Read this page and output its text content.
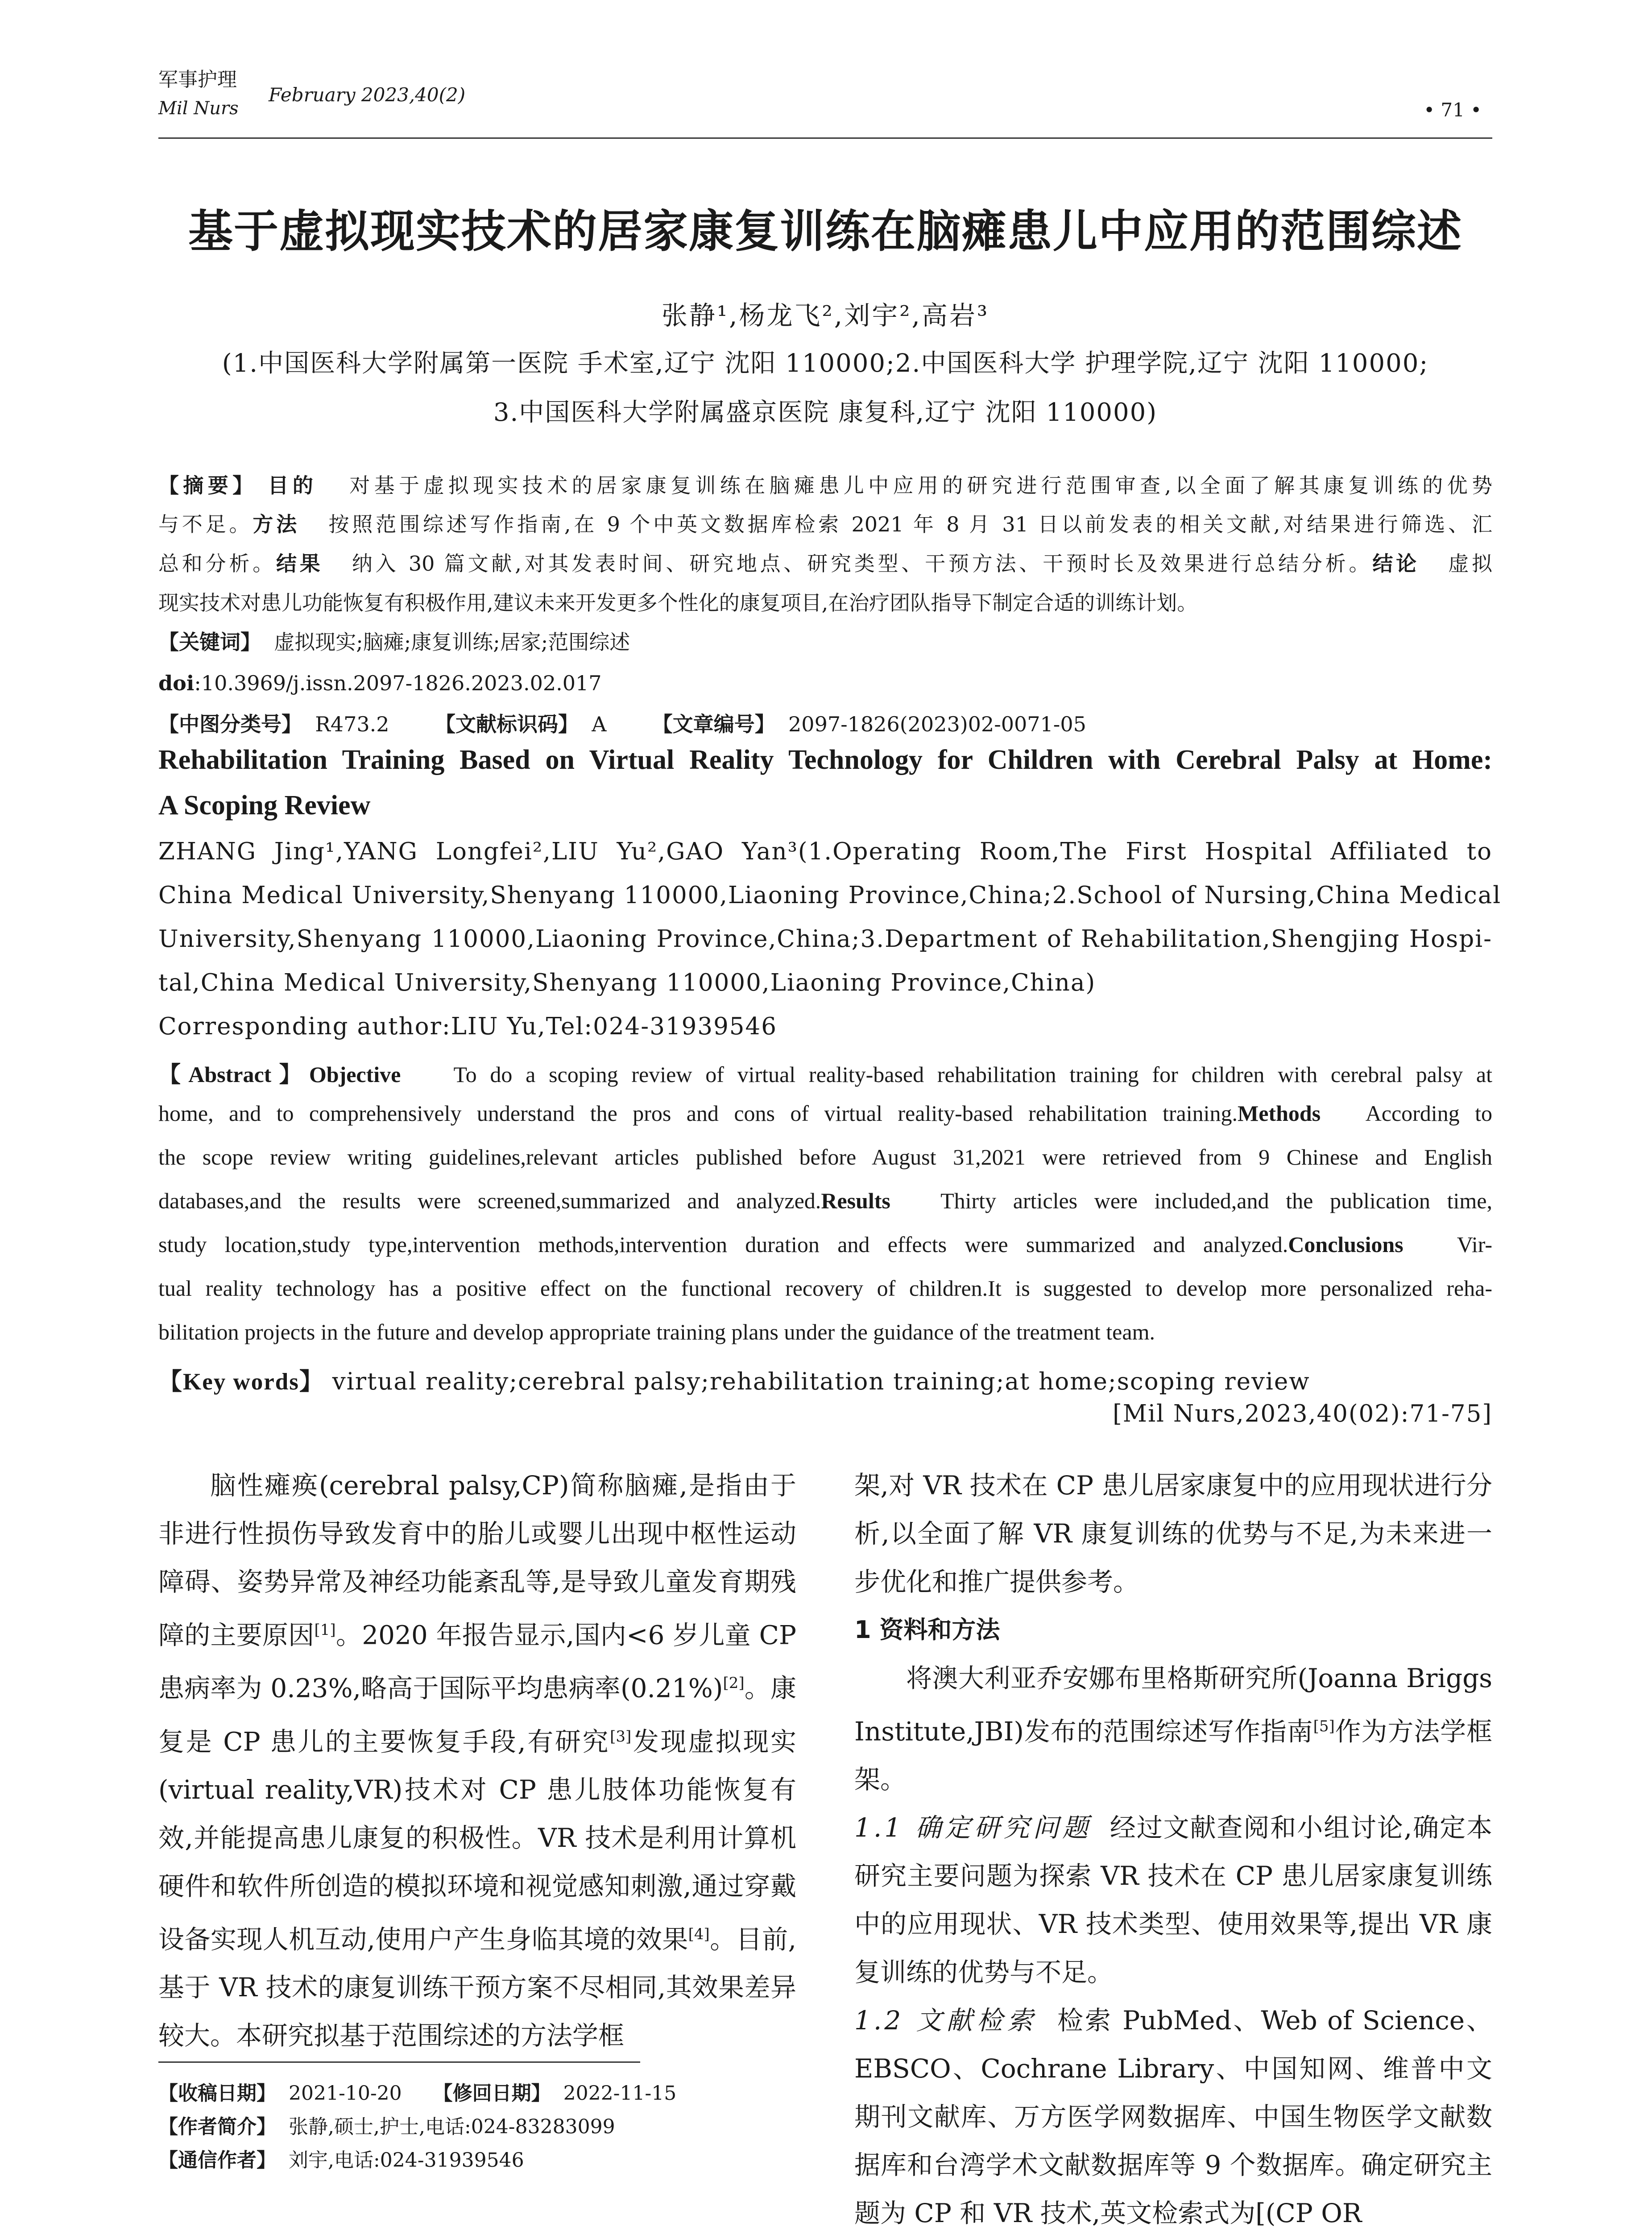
军事护理
Mil Nurs
February 2023,40(2)
• 71 •
基于虚拟现实技术的居家康复训练在脑瘫患儿中应用的范围综述
张静¹,杨龙飞²,刘宇²,高岩³
(1.中国医科大学附属第一医院 手术室,辽宁 沈阳 110000;2.中国医科大学 护理学院,辽宁 沈阳 110000;
3.中国医科大学附属盛京医院 康复科,辽宁 沈阳 110000)
【摘要】 目的 对基于虚拟现实技术的居家康复训练在脑瘫患儿中应用的研究进行范围审查,以全面了解其康复训练的优势
与不足。方法 按照范围综述写作指南,在 9 个中英文数据库检索 2021 年 8 月 31 日以前发表的相关文献,对结果进行筛选、汇
总和分析。结果 纳入 30 篇文献,对其发表时间、研究地点、研究类型、干预方法、干预时长及效果进行总结分析。结论 虚拟
现实技术对患儿功能恢复有积极作用,建议未来开发更多个性化的康复项目,在治疗团队指导下制定合适的训练计划。
【关键词】 虚拟现实;脑瘫;康复训练;居家;范围综述
doi:10.3969/j.issn.2097-1826.2023.02.017
【中图分类号】 R473.2 【文献标识码】 A 【文章编号】 2097-1826(2023)02-0071-05
Rehabilitation Training Based on Virtual Reality Technology for Children with Cerebral Palsy at Home:
A Scoping Review
ZHANG Jing¹,YANG Longfei²,LIU Yu²,GAO Yan³(1.Operating Room,The First Hospital Affiliated to
China Medical University,Shenyang 110000,Liaoning Province,China;2.School of Nursing,China Medical
University,Shenyang 110000,Liaoning Province,China;3.Department of Rehabilitation,Shengjing Hospi-
tal,China Medical University,Shenyang 110000,Liaoning Province,China)
Corresponding author:LIU Yu,Tel:024-31939546
【Abstract】Objective To do a scoping review of virtual reality-based rehabilitation training for children with cerebral palsy at
home, and to comprehensively understand the pros and cons of virtual reality-based rehabilitation training.Methods According to
the scope review writing guidelines,relevant articles published before August 31,2021 were retrieved from 9 Chinese and English
databases,and the results were screened,summarized and analyzed.Results Thirty articles were included,and the publication time,
study location,study type,intervention methods,intervention duration and effects were summarized and analyzed.Conclusions Vir-
tual reality technology has a positive effect on the functional recovery of children.It is suggested to develop more personalized reha-
bilitation projects in the future and develop appropriate training plans under the guidance of the treatment team.
【Key words】 virtual reality;cerebral palsy;rehabilitation training;at home;scoping review
[Mil Nurs,2023,40(02):71-75]

脑性瘫痪(cerebral palsy,CP)简称脑瘫,是指由于非进行性损伤导致发育中的胎儿或婴儿出现中枢性运动障碍、姿势异常及神经功能紊乱等,是导致儿童发育期残障的主要原因[1]。2020 年报告显示,国内<6 岁儿童 CP 患病率为 0.23%,略高于国际平均患病率(0.21%)[2]。康复是 CP 患儿的主要恢复手段,有研究[3]发现虚拟现实(virtual reality,VR)技术对 CP 患儿肢体功能恢复有效,并能提高患儿康复的积极性。VR 技术是利用计算机硬件和软件所创造的模拟环境和视觉感知刺激,通过穿戴设备实现人机互动,使用户产生身临其境的效果[4]。目前,基于 VR 技术的康复训练干预方案不尽相同,其效果差异较大。本研究拟基于范围综述的方法学框

架,对 VR 技术在 CP 患儿居家康复中的应用现状进行分析,以全面了解 VR 康复训练的优势与不足,为未来进一步优化和推广提供参考。

1 资料和方法

将澳大利亚乔安娜布里格斯研究所(Joanna Briggs Institute,JBI)发布的范围综述写作指南[5]作为方法学框架。

1.1 确定研究问题 经过文献查阅和小组讨论,确定本研究主要问题为探索 VR 技术在 CP 患儿居家康复训练中的应用现状、VR 技术类型、使用效果等,提出 VR 康复训练的优势与不足。

1.2 文献检索 检索 PubMed、Web of Science、EBSCO、Cochrane Library、中国知网、维普中文期刊文献库、万方医学网数据库、中国生物医学文献数据库和台湾学术文献数据库等 9 个数据库。确定研究主题为 CP 和 VR 技术,英文检索式为[(CP OR

【收稿日期】 2021-10-20 【修回日期】 2022-11-15
【作者简介】 张静,硕士,护士,电话:024-83283099
【通信作者】 刘宇,电话:024-31939546
